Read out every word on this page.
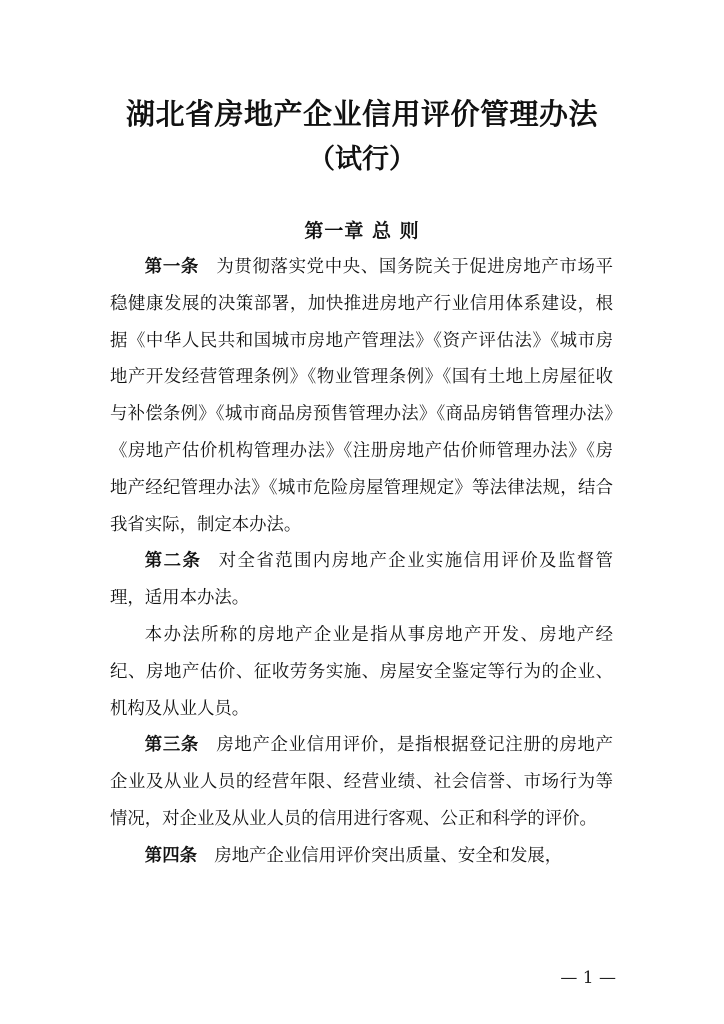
湖北省房地产企业信用评价管理办法
（试行）
第一章 总 则

第一条 为贯彻落实党中央、国务院关于促进房地产市场平稳健康发展的决策部署，加快推进房地产行业信用体系建设，根据《中华人民共和国城市房地产管理法》《资产评估法》《城市房地产开发经营管理条例》《物业管理条例》《国有土地上房屋征收与补偿条例》《城市商品房预售管理办法》《商品房销售管理办法》《房地产估价机构管理办法》《注册房地产估价师管理办法》《房地产经纪管理办法》《城市危险房屋管理规定》等法律法规，结合我省实际，制定本办法。

第二条 对全省范围内房地产企业实施信用评价及监督管理，适用本办法。

本办法所称的房地产企业是指从事房地产开发、房地产经纪、房地产估价、征收劳务实施、房屋安全鉴定等行为的企业、机构及从业人员。

第三条 房地产企业信用评价，是指根据登记注册的房地产企业及从业人员的经营年限、经营业绩、社会信誉、市场行为等情况，对企业及从业人员的信用进行客观、公正和科学的评价。

第四条 房地产企业信用评价突出质量、安全和发展，

— 1 —
